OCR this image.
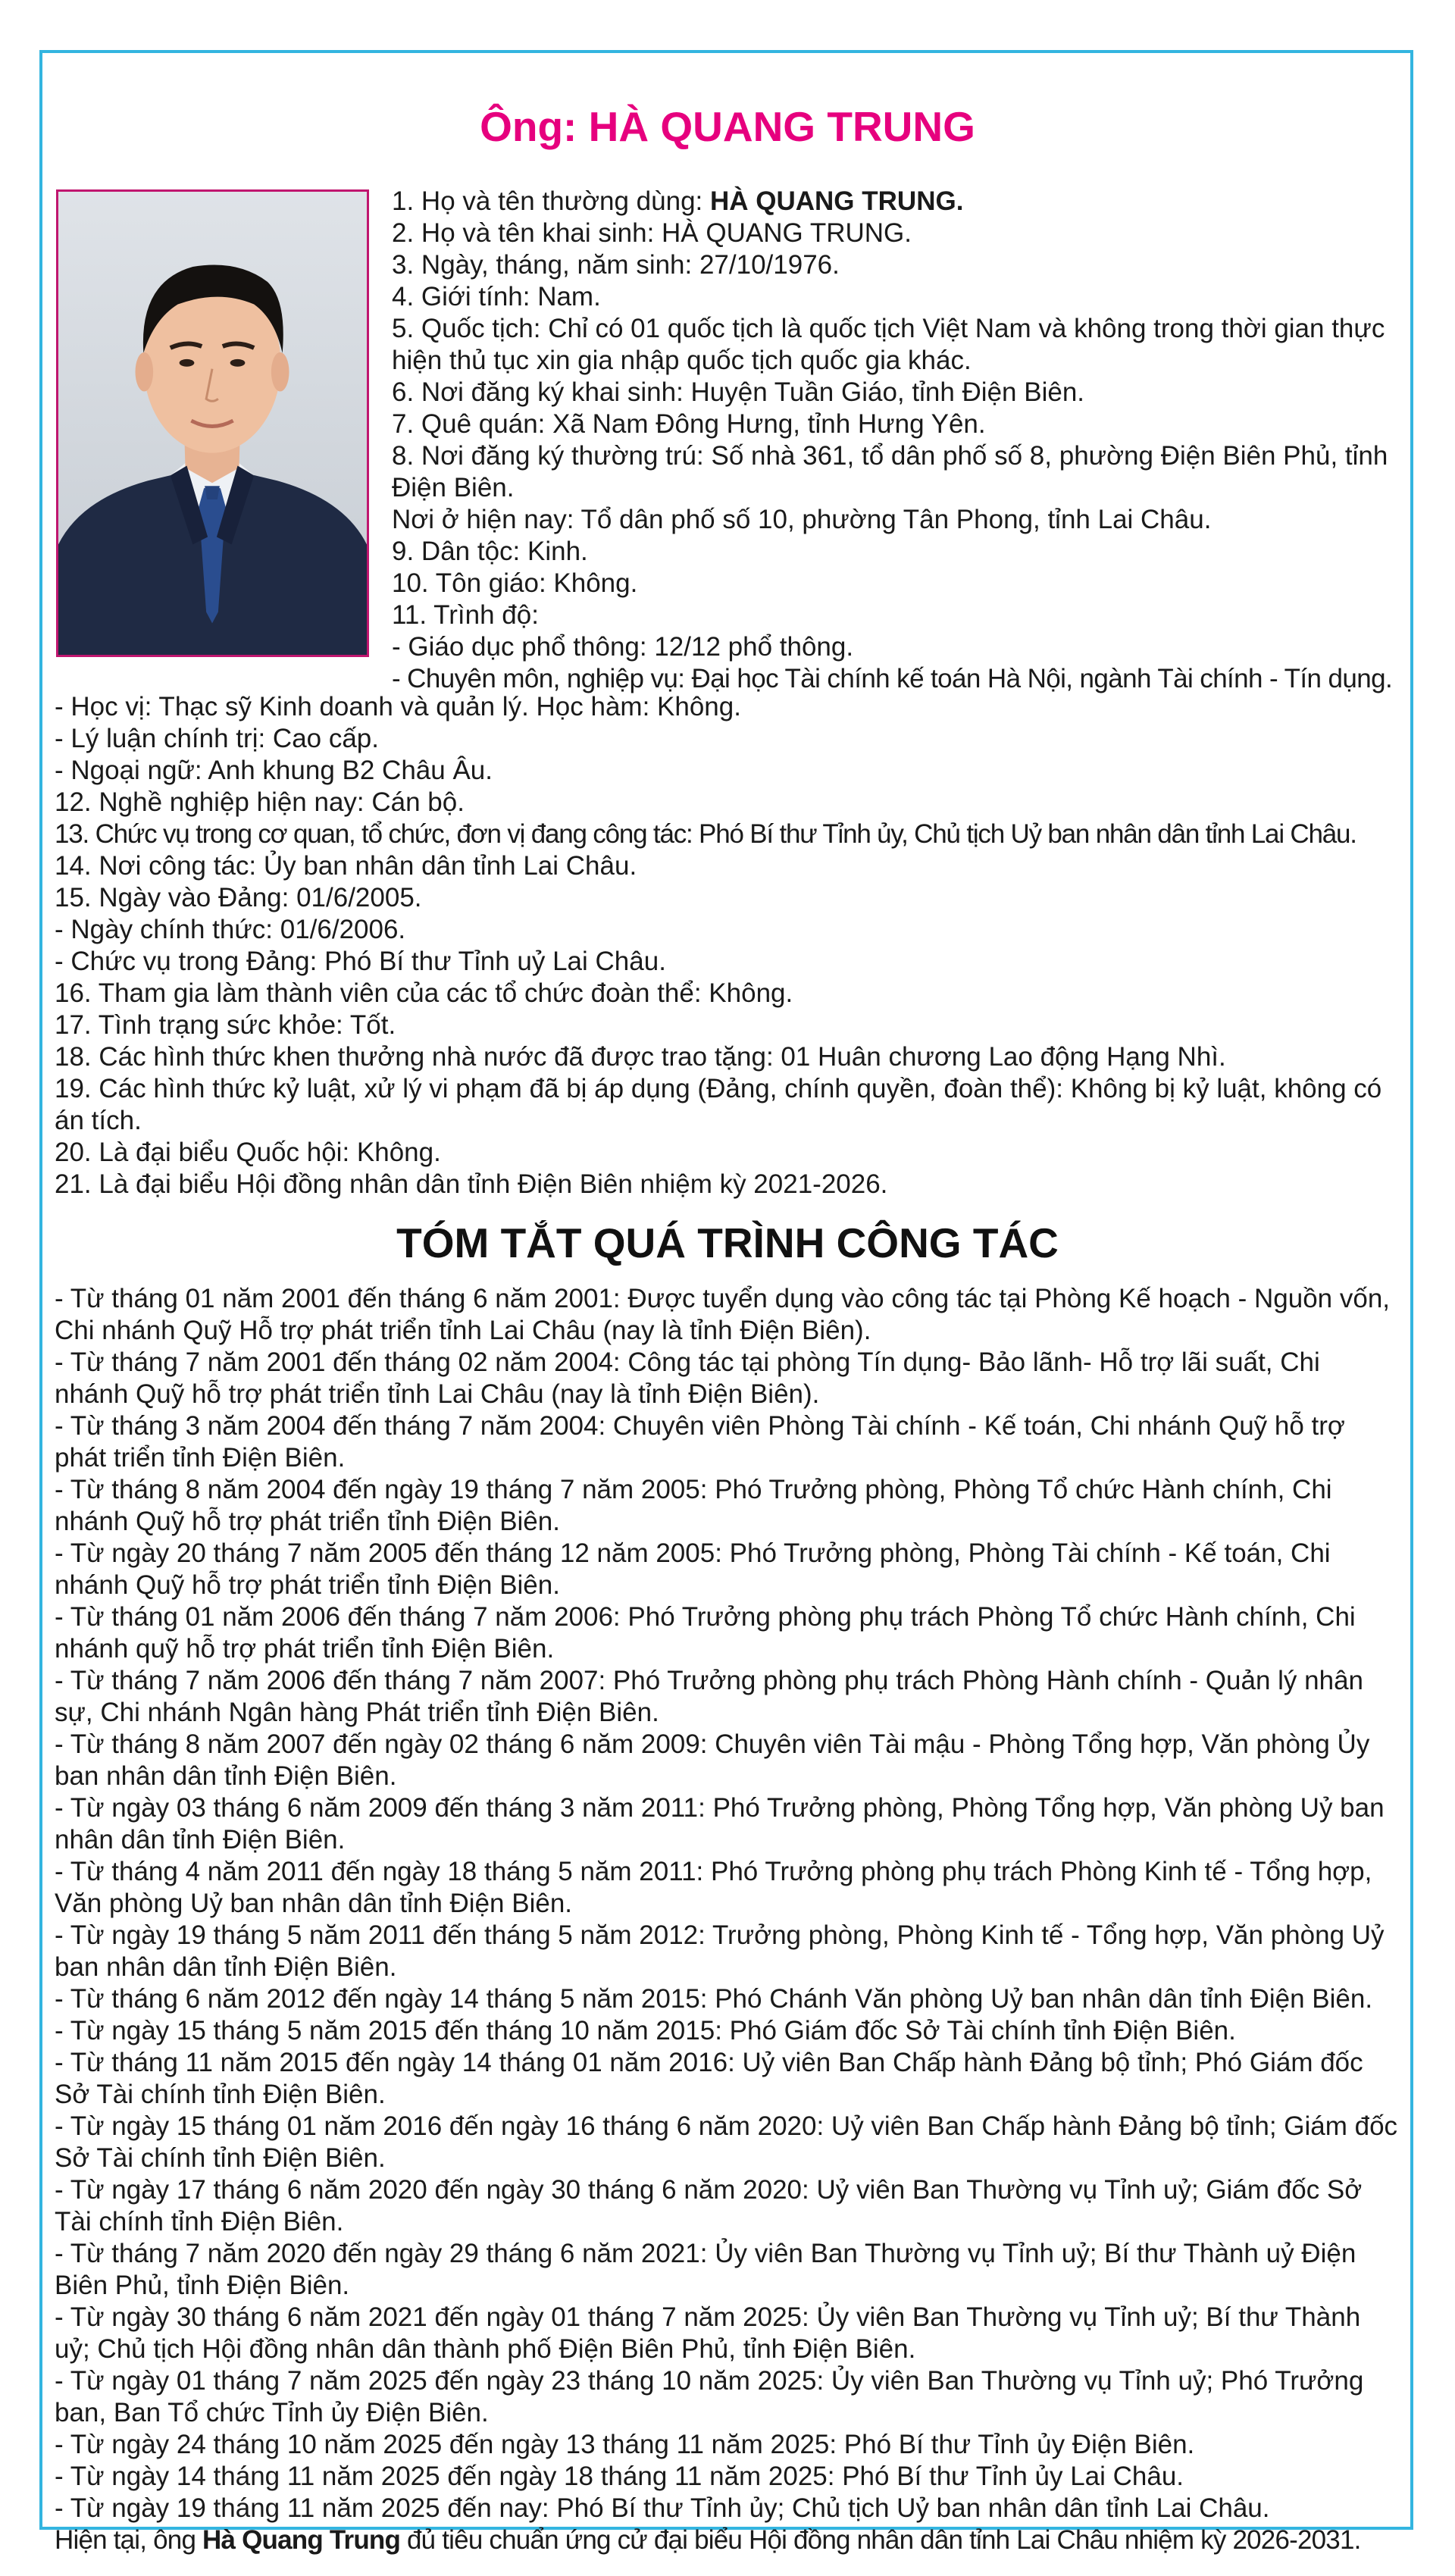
Ông: HÀ QUANG TRUNG
1. Họ và tên thường dùng: HÀ QUANG TRUNG.
2. Họ và tên khai sinh: HÀ QUANG TRUNG.
3. Ngày, tháng, năm sinh: 27/10/1976.
4. Giới tính: Nam.
5. Quốc tịch: Chỉ có 01 quốc tịch là quốc tịch Việt Nam và không trong thời gian thực hiện thủ tục xin gia nhập quốc tịch quốc gia khác.
6. Nơi đăng ký khai sinh: Huyện Tuần Giáo, tỉnh Điện Biên.
7. Quê quán: Xã Nam Đông Hưng, tỉnh Hưng Yên.
8. Nơi đăng ký thường trú: Số nhà 361, tổ dân phố số 8, phường Điện Biên Phủ, tỉnh Điện Biên.
Nơi ở hiện nay: Tổ dân phố số 10, phường Tân Phong, tỉnh Lai Châu.
9. Dân tộc: Kinh.
10. Tôn giáo: Không.
11. Trình độ:
- Giáo dục phổ thông: 12/12 phổ thông.
- Chuyên môn, nghiệp vụ: Đại học Tài chính kế toán Hà Nội, ngành Tài chính - Tín dụng.
- Học vị: Thạc sỹ Kinh doanh và quản lý. Học hàm: Không.
- Lý luận chính trị: Cao cấp.
- Ngoại ngữ: Anh khung B2 Châu Âu.
12. Nghề nghiệp hiện nay: Cán bộ.
13. Chức vụ trong cơ quan, tổ chức, đơn vị đang công tác: Phó Bí thư Tỉnh ủy, Chủ tịch Uỷ ban nhân dân tỉnh Lai Châu.
14. Nơi công tác: Ủy ban nhân dân tỉnh Lai Châu.
15. Ngày vào Đảng: 01/6/2005.
- Ngày chính thức: 01/6/2006.
- Chức vụ trong Đảng: Phó Bí thư Tỉnh uỷ Lai Châu.
16. Tham gia làm thành viên của các tổ chức đoàn thể: Không.
17. Tình trạng sức khỏe: Tốt.
18. Các hình thức khen thưởng nhà nước đã được trao tặng: 01 Huân chương Lao động Hạng Nhì.
19. Các hình thức kỷ luật, xử lý vi phạm đã bị áp dụng (Đảng, chính quyền, đoàn thể): Không bị kỷ luật, không có án tích.
20. Là đại biểu Quốc hội: Không.
21. Là đại biểu Hội đồng nhân dân tỉnh Điện Biên nhiệm kỳ 2021-2026.
TÓM TẮT QUÁ TRÌNH CÔNG TÁC
- Từ tháng 01 năm 2001 đến tháng 6 năm 2001: Được tuyển dụng vào công tác tại Phòng Kế hoạch - Nguồn vốn, Chi nhánh Quỹ Hỗ trợ phát triển tỉnh Lai Châu (nay là tỉnh Điện Biên).
- Từ tháng 7 năm 2001 đến tháng 02 năm 2004: Công tác tại phòng Tín dụng- Bảo lãnh- Hỗ trợ lãi suất, Chi nhánh Quỹ hỗ trợ phát triển tỉnh Lai Châu (nay là tỉnh Điện Biên).
- Từ tháng 3 năm 2004 đến tháng 7 năm 2004: Chuyên viên Phòng Tài chính - Kế toán, Chi nhánh Quỹ hỗ trợ phát triển tỉnh Điện Biên.
- Từ tháng 8 năm 2004 đến ngày 19 tháng 7 năm 2005: Phó Trưởng phòng, Phòng Tổ chức Hành chính, Chi nhánh Quỹ hỗ trợ phát triển tỉnh Điện Biên.
- Từ ngày 20 tháng 7 năm 2005 đến tháng 12 năm 2005: Phó Trưởng phòng, Phòng Tài chính - Kế toán, Chi nhánh Quỹ hỗ trợ phát triển tỉnh Điện Biên.
- Từ tháng 01 năm 2006 đến tháng 7 năm 2006: Phó Trưởng phòng phụ trách Phòng Tổ chức Hành chính, Chi nhánh quỹ hỗ trợ phát triển tỉnh Điện Biên.
- Từ tháng 7 năm 2006 đến tháng 7 năm 2007: Phó Trưởng phòng phụ trách Phòng Hành chính - Quản lý nhân sự, Chi nhánh Ngân hàng Phát triển tỉnh Điện Biên.
- Từ tháng 8 năm 2007 đến ngày 02 tháng 6 năm 2009: Chuyên viên Tài mậu - Phòng Tổng hợp, Văn phòng Ủy ban nhân dân tỉnh Điện Biên.
- Từ ngày 03 tháng 6 năm 2009 đến tháng 3 năm 2011: Phó Trưởng phòng, Phòng Tổng hợp, Văn phòng Uỷ ban nhân dân tỉnh Điện Biên.
- Từ tháng 4 năm 2011 đến ngày 18 tháng 5 năm 2011: Phó Trưởng phòng phụ trách Phòng Kinh tế - Tổng hợp, Văn phòng Uỷ ban nhân dân tỉnh Điện Biên.
- Từ ngày 19 tháng 5 năm 2011 đến tháng 5 năm 2012: Trưởng phòng, Phòng Kinh tế - Tổng hợp, Văn phòng Uỷ ban nhân dân tỉnh Điện Biên.
- Từ tháng 6 năm 2012 đến ngày 14 tháng 5 năm 2015: Phó Chánh Văn phòng Uỷ ban nhân dân tỉnh Điện Biên.
- Từ ngày 15 tháng 5 năm 2015 đến tháng 10 năm 2015: Phó Giám đốc Sở Tài chính tỉnh Điện Biên.
- Từ tháng 11 năm 2015 đến ngày 14 tháng 01 năm 2016: Uỷ viên Ban Chấp hành Đảng bộ tỉnh; Phó Giám đốc Sở Tài chính tỉnh Điện Biên.
- Từ ngày 15 tháng 01 năm 2016 đến ngày 16 tháng 6 năm 2020: Uỷ viên Ban Chấp hành Đảng bộ tỉnh; Giám đốc Sở Tài chính tỉnh Điện Biên.
- Từ ngày 17 tháng 6 năm 2020 đến ngày 30 tháng 6 năm 2020: Uỷ viên Ban Thường vụ Tỉnh uỷ; Giám đốc Sở Tài chính tỉnh Điện Biên.
- Từ tháng 7 năm 2020 đến ngày 29 tháng 6 năm 2021: Ủy viên Ban Thường vụ Tỉnh uỷ; Bí thư Thành uỷ Điện Biên Phủ, tỉnh Điện Biên.
- Từ ngày 30 tháng 6 năm 2021 đến ngày 01 tháng 7 năm 2025: Ủy viên Ban Thường vụ Tỉnh uỷ; Bí thư Thành uỷ; Chủ tịch Hội đồng nhân dân thành phố Điện Biên Phủ, tỉnh Điện Biên.
- Từ ngày 01 tháng 7 năm 2025 đến ngày 23 tháng 10 năm 2025: Ủy viên Ban Thường vụ Tỉnh uỷ; Phó Trưởng ban, Ban Tổ chức Tỉnh ủy Điện Biên.
- Từ ngày 24 tháng 10 năm 2025 đến ngày 13 tháng 11 năm 2025: Phó Bí thư Tỉnh ủy Điện Biên.
- Từ ngày 14 tháng 11 năm 2025 đến ngày 18 tháng 11 năm 2025: Phó Bí thư Tỉnh ủy Lai Châu.
- Từ ngày 19 tháng 11 năm 2025 đến nay: Phó Bí thư Tỉnh ủy; Chủ tịch Uỷ ban nhân dân tỉnh Lai Châu.
Hiện tại, ông Hà Quang Trung đủ tiêu chuẩn ứng cử đại biểu Hội đồng nhân dân tỉnh Lai Châu nhiệm kỳ 2026-2031.
